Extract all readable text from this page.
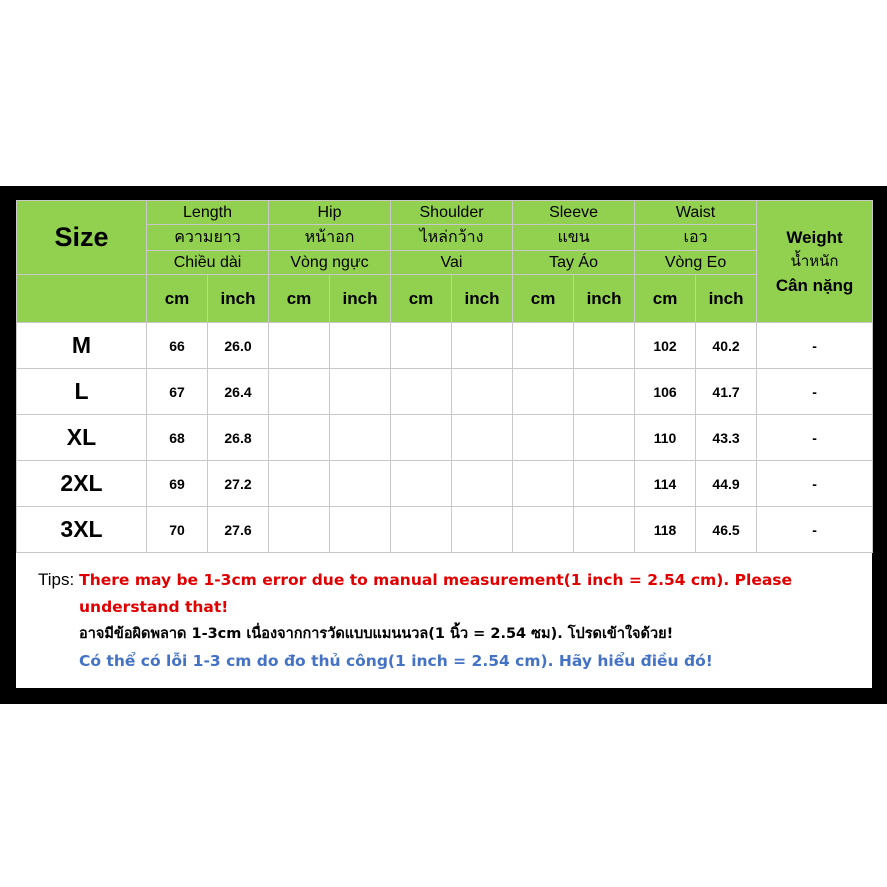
Size	Length		Hip		Shoulder		Sleeve		Waist		Weight
น้ำหนัก
Cân nặng

	ความยาว		หน้าอก		ไหล่กว้าง		แขน		เอว		
	Chiều dài		Vòng ngực		Vai		Tay Áo		Vòng Eo		
	cm	inch	cm	inch	cm	inch	cm	inch	cm	inch	
M	66	26.0							102	40.2	-
L	67	26.4							106	41.7	-
XL	68	26.8							110	43.3	-
2XL	69	27.2							114	44.9	-
3XL	70	27.6							118	46.5	-
Tips: There may be 1-3cm error due to manual measurement(1 inch = 2.54 cm). Please
understand that!
อาจมีข้อผิดพลาด 1-3cm เนื่องจากการวัดแบบแมนนวล(1 นิ้ว = 2.54 ซม). โปรดเข้าใจด้วย!
Có thể có lỗi 1-3 cm do đo thủ công(1 inch = 2.54 cm). Hãy hiểu điều đó!
